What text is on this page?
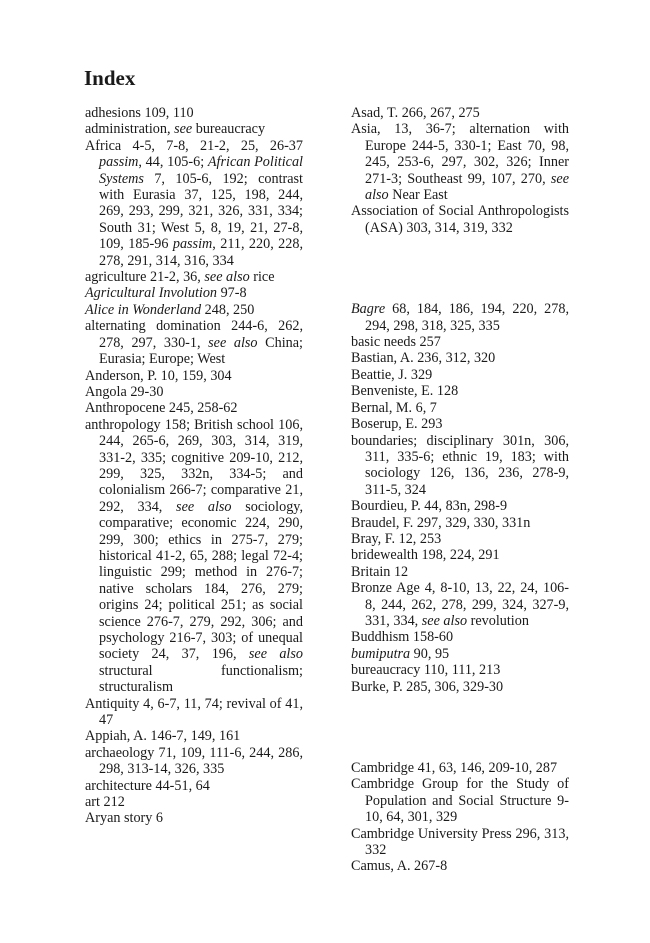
Index

adhesions 109, 110

administration, see bureaucracy

Africa 4-5, 7-8, 21-2, 25, 26-37 passim, 44, 105-6; African Political Systems 7, 105-6, 192; contrast with Eurasia 37, 125, 198, 244, 269, 293, 299, 321, 326, 331, 334; South 31; West 5, 8, 19, 21, 27-8, 109, 185-96 passim, 211, 220, 228, 278, 291, 314, 316, 334

agriculture 21-2, 36, see also rice

Agricultural Involution 97-8

Alice in Wonderland 248, 250

alternating domination 244-6, 262, 278, 297, 330-1, see also China; Eurasia; Europe; West

Anderson, P. 10, 159, 304

Angola 29-30

Anthropocene 245, 258-62

anthropology 158; British school 106, 244, 265-6, 269, 303, 314, 319, 331-2, 335; cognitive 209-10, 212, 299, 325, 332n, 334-5; and colonialism 266-7; comparative 21, 292, 334, see also sociology, comparative; economic 224, 290, 299, 300; ethics in 275-7, 279; historical 41-2, 65, 288; legal 72-4; linguistic 299; method in 276-7; native scholars 184, 276, 279; origins 24; political 251; as social science 276-7, 279, 292, 306; and psychology 216-7, 303; of unequal society 24, 37, 196, see also structural functionalism; structuralism

Antiquity 4, 6-7, 11, 74; revival of 41, 47

Appiah, A. 146-7, 149, 161

archaeology 71, 109, 111-6, 244, 286, 298, 313-14, 326, 335

architecture 44-51, 64

art 212

Aryan story 6

Asad, T. 266, 267, 275

Asia, 13, 36-7; alternation with Europe 244-5, 330-1; East 70, 98, 245, 253-6, 297, 302, 326; Inner 271-3; Southeast 99, 107, 270, see also Near East

Association of Social Anthropologists (ASA) 303, 314, 319, 332

Bagre 68, 184, 186, 194, 220, 278, 294, 298, 318, 325, 335

basic needs 257

Bastian, A. 236, 312, 320

Beattie, J. 329

Benveniste, E. 128

Bernal, M. 6, 7

Boserup, E. 293

boundaries; disciplinary 301n, 306, 311, 335-6; ethnic 19, 183; with sociology 126, 136, 236, 278-9, 311-5, 324

Bourdieu, P. 44, 83n, 298-9

Braudel, F. 297, 329, 330, 331n

Bray, F. 12, 253

bridewealth 198, 224, 291

Britain 12

Bronze Age 4, 8-10, 13, 22, 24, 106-8, 244, 262, 278, 299, 324, 327-9, 331, 334, see also revolution

Buddhism 158-60

bumiputra 90, 95

bureaucracy 110, 111, 213

Burke, P. 285, 306, 329-30

Cambridge 41, 63, 146, 209-10, 287

Cambridge Group for the Study of Population and Social Structure 9-10, 64, 301, 329

Cambridge University Press 296, 313, 332

Camus, A. 267-8
